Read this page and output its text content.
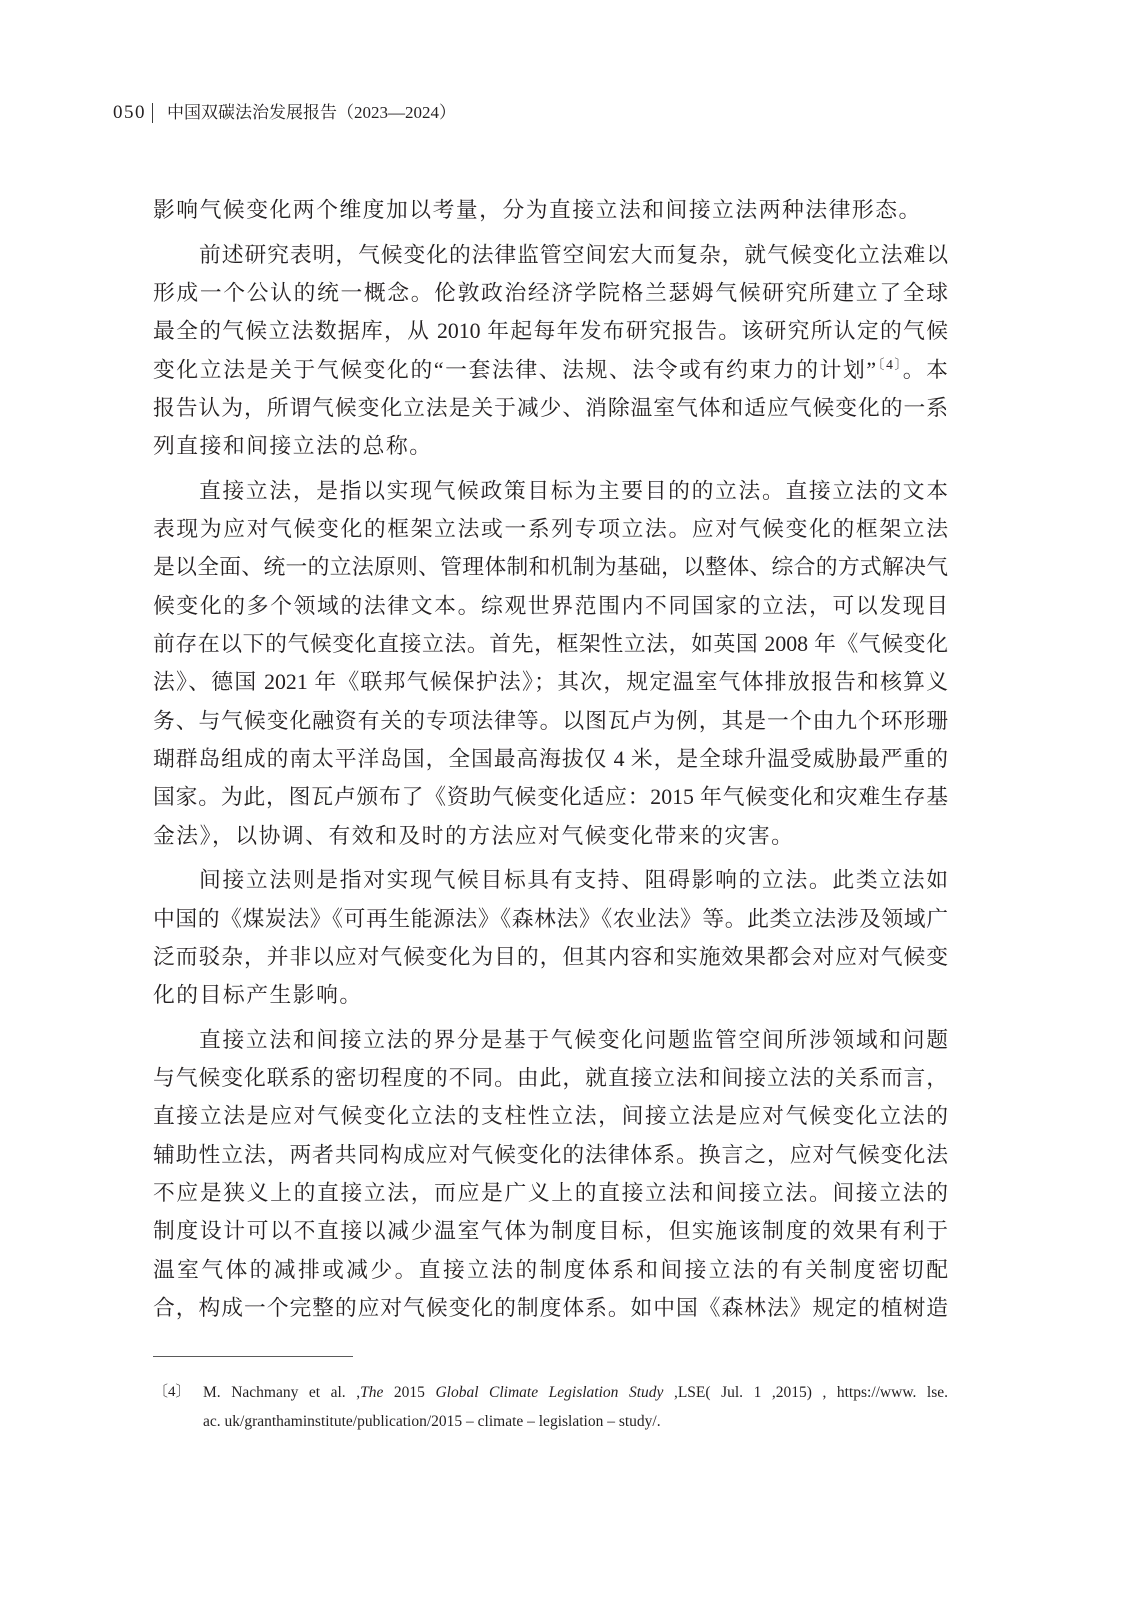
050 中国双碳法治发展报告（2023—2024）
影响气候变化两个维度加以考量，分为直接立法和间接立法两种法律形态。
前述研究表明，气候变化的法律监管空间宏大而复杂，就气候变化立法难以
形成一个公认的统一概念。伦敦政治经济学院格兰瑟姆气候研究所建立了全球
最全的气候立法数据库，从 2010 年起每年发布研究报告。该研究所认定的气候
变化立法是关于气候变化的“一套法律、法规、法令或有约束力的计划”$^{〔4〕}$。本
报告认为，所谓气候变化立法是关于减少、消除温室气体和适应气候变化的一系
列直接和间接立法的总称。
直接立法，是指以实现气候政策目标为主要目的的立法。直接立法的文本
表现为应对气候变化的框架立法或一系列专项立法。应对气候变化的框架立法
是以全面、统一的立法原则、管理体制和机制为基础，以整体、综合的方式解决气
候变化的多个领域的法律文本。综观世界范围内不同国家的立法，可以发现目
前存在以下的气候变化直接立法。首先，框架性立法，如英国 2008 年《气候变化
法》、德国 2021 年《联邦气候保护法》；其次，规定温室气体排放报告和核算义
务、与气候变化融资有关的专项法律等。以图瓦卢为例，其是一个由九个环形珊
瑚群岛组成的南太平洋岛国，全国最高海拔仅 4 米，是全球升温受威胁最严重的
国家。为此，图瓦卢颁布了《资助气候变化适应：2015 年气候变化和灾难生存基
金法》，以协调、有效和及时的方法应对气候变化带来的灾害。
间接立法则是指对实现气候目标具有支持、阻碍影响的立法。此类立法如
中国的《煤炭法》《可再生能源法》《森林法》《农业法》等。此类立法涉及领域广
泛而驳杂，并非以应对气候变化为目的，但其内容和实施效果都会对应对气候变
化的目标产生影响。
直接立法和间接立法的界分是基于气候变化问题监管空间所涉领域和问题
与气候变化联系的密切程度的不同。由此，就直接立法和间接立法的关系而言，
直接立法是应对气候变化立法的支柱性立法，间接立法是应对气候变化立法的
辅助性立法，两者共同构成应对气候变化的法律体系。换言之，应对气候变化法
不应是狭义上的直接立法，而应是广义上的直接立法和间接立法。间接立法的
制度设计可以不直接以减少温室气体为制度目标，但实施该制度的效果有利于
温室气体的减排或减少。直接立法的制度体系和间接立法的有关制度密切配
合，构成一个完整的应对气候变化的制度体系。如中国《森林法》规定的植树造
〔4〕 M. Nachmany et al. ,The 2015 Global Climate Legislation Study ,LSE( Jul. 1 ,2015) , https://www. lse.
ac. uk/granthaminstitute/publication/2015 – climate – legislation – study/.
